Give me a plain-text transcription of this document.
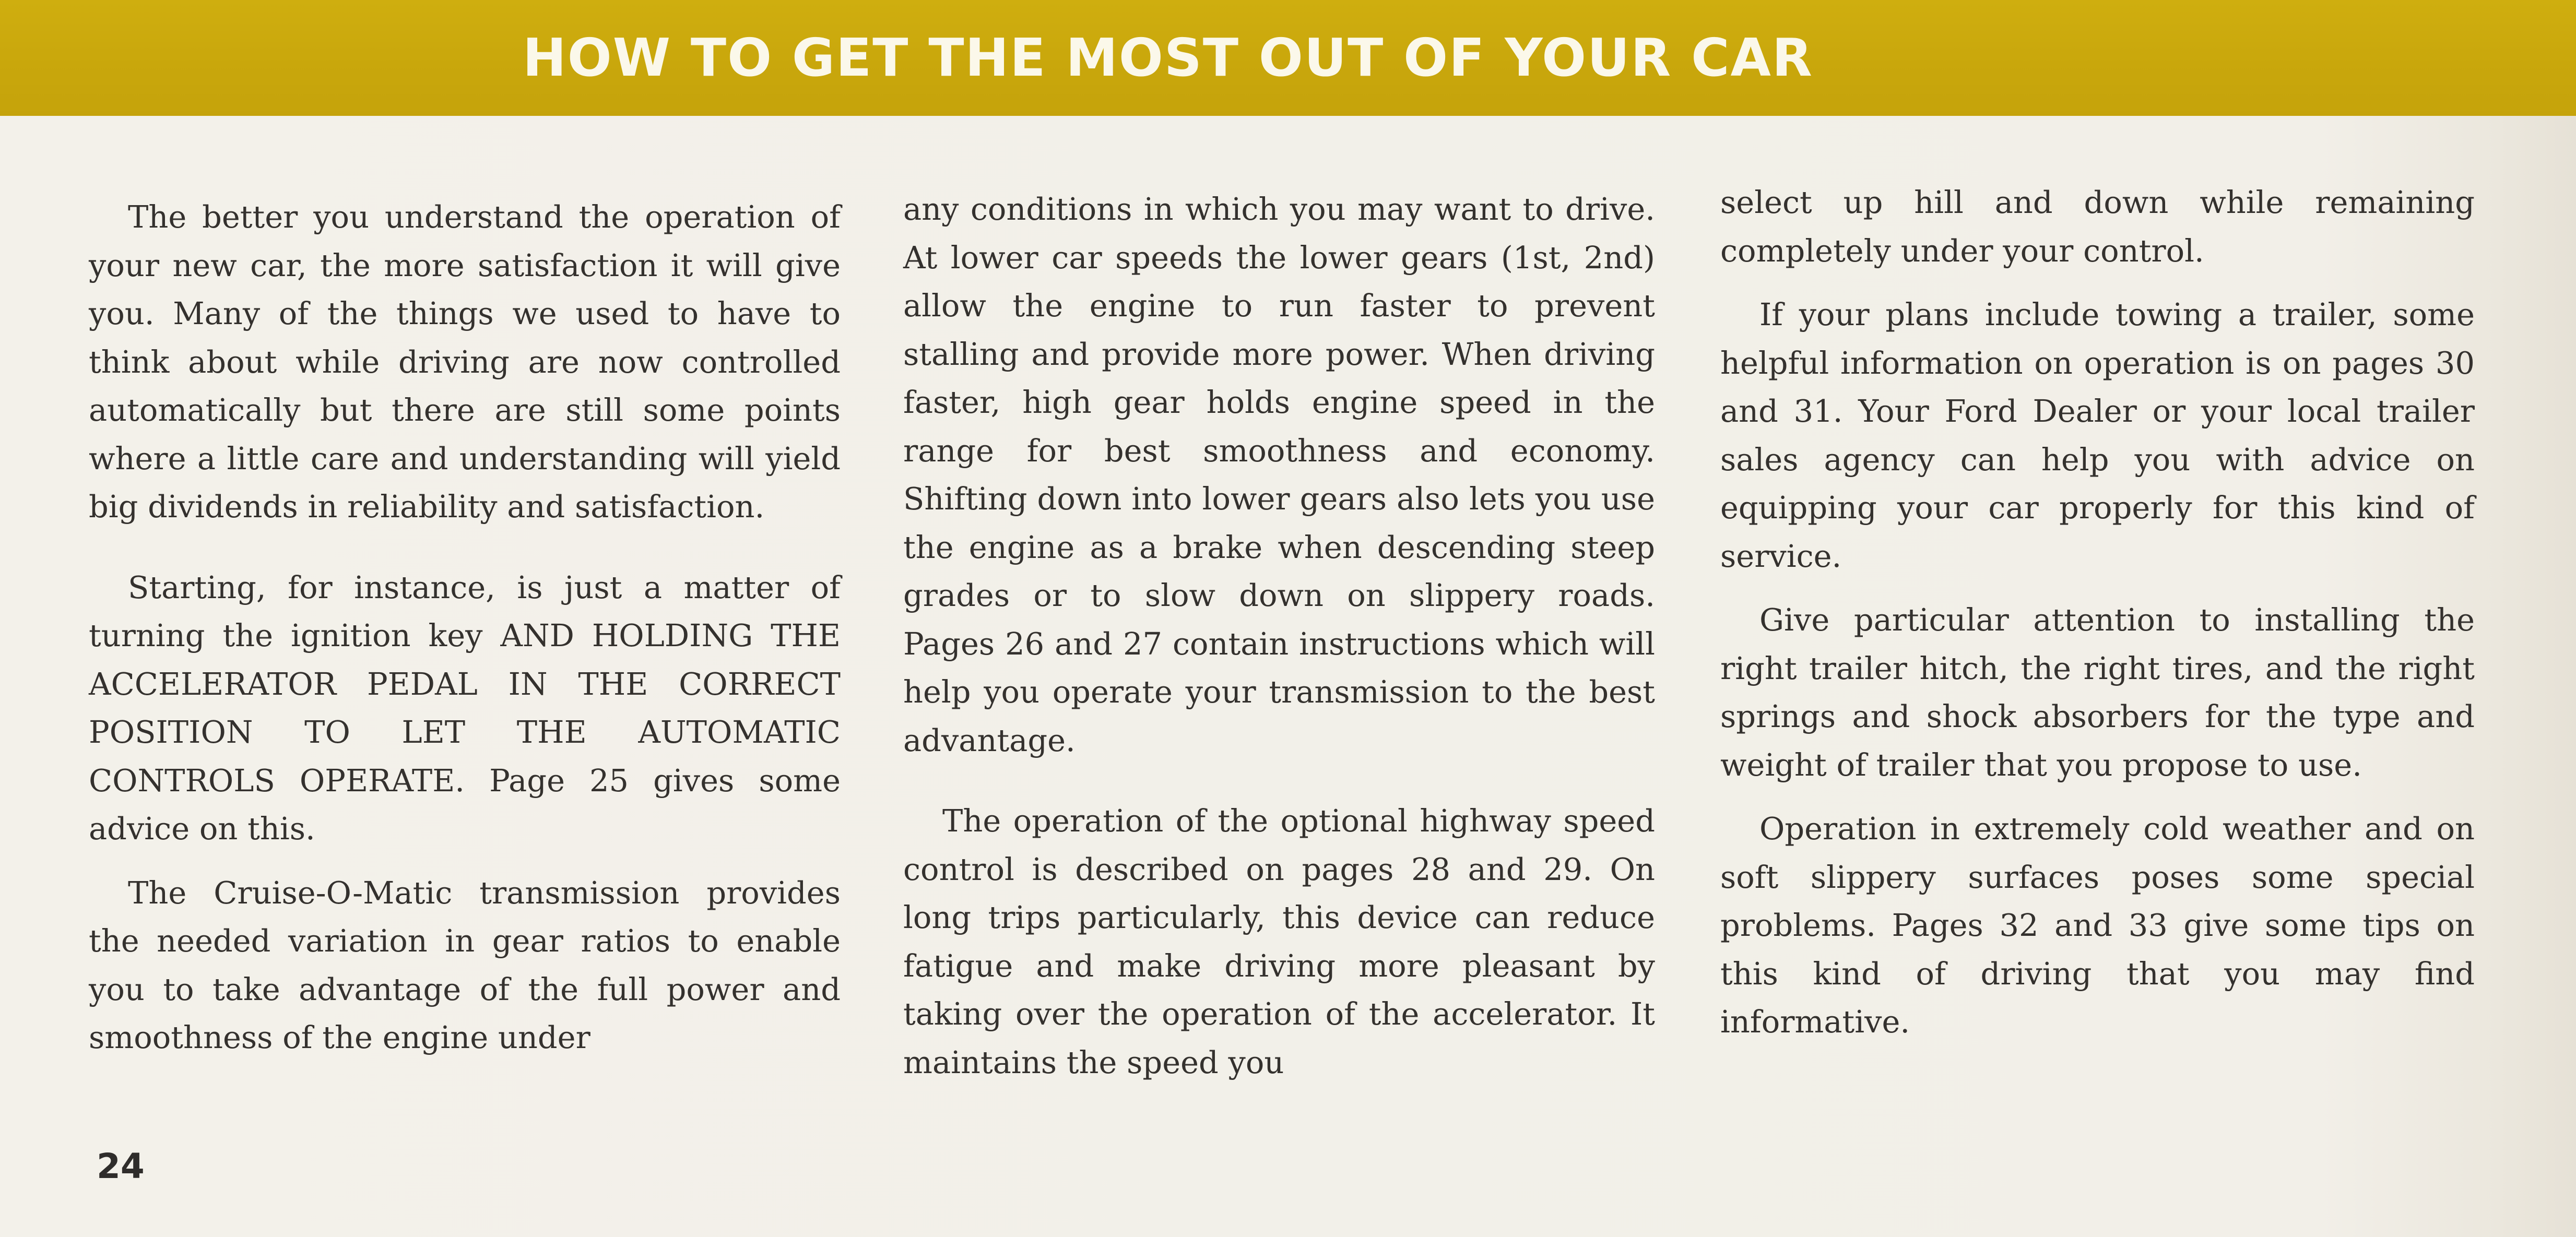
HOW TO GET THE MOST OUT OF YOUR CAR

The better you understand the operation of your new car, the more satisfaction it will give you. Many of the things we used to have to think about while driving are now controlled automatically but there are still some points where a little care and understanding will yield big dividends in reliability and satisfaction.

Starting, for instance, is just a matter of turning the ignition key AND HOLDING THE ACCELERATOR PEDAL IN THE CORRECT POSITION TO LET THE AUTOMATIC CONTROLS OPERATE. Page 25 gives some advice on this.

The Cruise-O-Matic transmission provides the needed variation in gear ratios to enable you to take advantage of the full power and smoothness of the engine under

any conditions in which you may want to drive. At lower car speeds the lower gears (1st, 2nd) allow the engine to run faster to prevent stalling and provide more power. When driving faster, high gear holds engine speed in the range for best smoothness and economy. Shifting down into lower gears also lets you use the engine as a brake when descending steep grades or to slow down on slippery roads. Pages 26 and 27 contain instructions which will help you operate your transmission to the best advantage.

The operation of the optional highway speed control is described on pages 28 and 29. On long trips particularly, this device can reduce fatigue and make driving more pleasant by taking over the operation of the accelerator. It maintains the speed you

select up hill and down while remaining completely under your control.

If your plans include towing a trailer, some helpful information on operation is on pages 30 and 31. Your Ford Dealer or your local trailer sales agency can help you with advice on equipping your car properly for this kind of service.

Give particular attention to installing the right trailer hitch, the right tires, and the right springs and shock absorbers for the type and weight of trailer that you propose to use.

Operation in extremely cold weather and on soft slippery surfaces poses some special problems. Pages 32 and 33 give some tips on this kind of driving that you may find informative.

24
